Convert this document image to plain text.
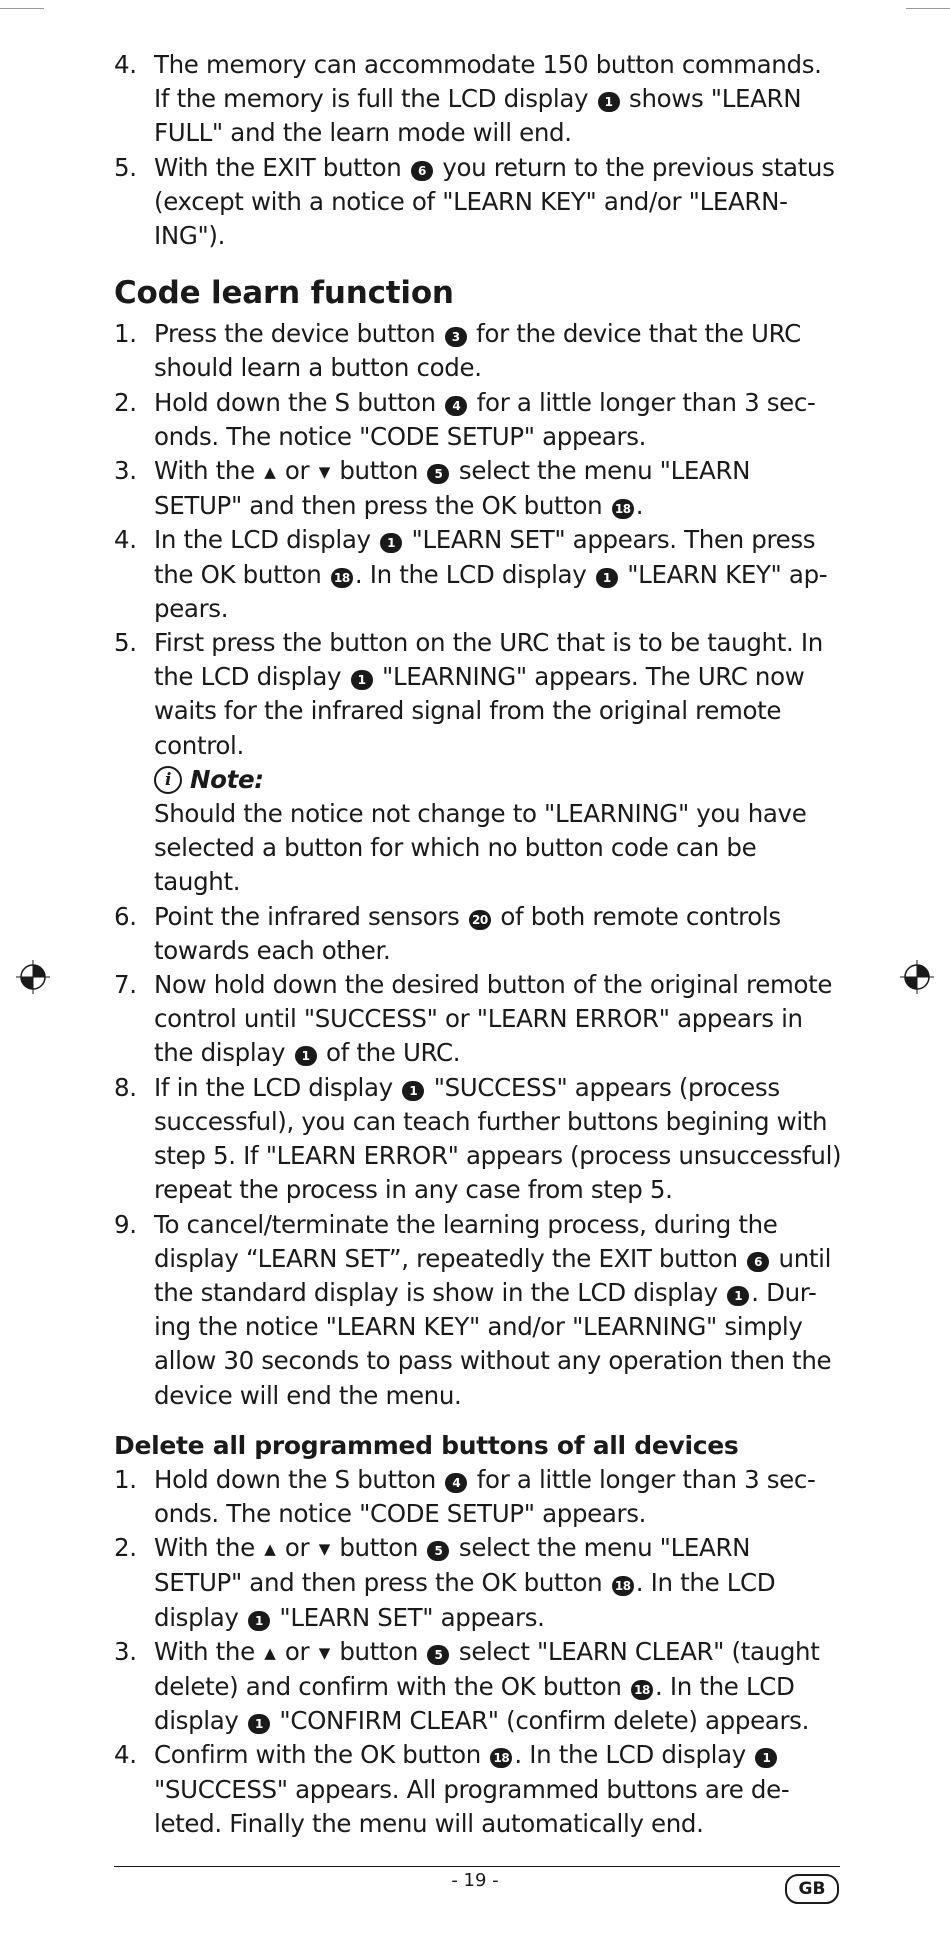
4. The memory can accommodate 150 button commands. If the memory is full the LCD display 1 shows "LEARN FULL" and the learn mode will end.
5. With the EXIT button 6 you return to the previous status (except with a notice of "LEARN KEY" and/or "LEARN-ING").
Code learn function
1. Press the device button 3 for the device that the URC should learn a button code.
2. Hold down the S button 4 for a little longer than 3 sec-onds. The notice "CODE SETUP" appears.
3. With the ▲ or ▼ button 5 select the menu "LEARN SETUP" and then press the OK button 18 .
4. In the LCD display 1 "LEARN SET" appears. Then press the OK button 18 . In the LCD display 1 "LEARN KEY" ap-pears.
5. First press the button on the URC that is to be taught. In the LCD display 1 "LEARNING" appears. The URC now waits for the infrared signal from the original remote control.
i Note:
Should the notice not change to "LEARNING" you have selected a button for which no button code can be taught.
6. Point the infrared sensors 20 of both remote controls towards each other.
7. Now hold down the desired button of the original remote control until "SUCCESS" or "LEARN ERROR" appears in the display 1 of the URC.
8. If in the LCD display 1 "SUCCESS" appears (process successful), you can teach further buttons begining with step 5. If "LEARN ERROR" appears (process unsuccessful) repeat the process in any case from step 5.
9. To cancel/terminate the learning process, during the display “LEARN SET”, repeatedly the EXIT button 6 until the standard display is show in the LCD display 1 . Dur-ing the notice "LEARN KEY" and/or "LEARNING" simply allow 30 seconds to pass without any operation then the device will end the menu.
Delete all programmed buttons of all devices
1. Hold down the S button 4 for a little longer than 3 sec-onds. The notice "CODE SETUP" appears.
2. With the ▲ or ▼ button 5 select the menu "LEARN SETUP" and then press the OK button 18 . In the LCD display 1 "LEARN SET" appears.
3. With the ▲ or ▼ button 5 select "LEARN CLEAR" (taught delete) and confirm with the OK button 18 . In the LCD display 1 "CONFIRM CLEAR" (confirm delete) appears.
4. Confirm with the OK button 18 . In the LCD display 1 "SUCCESS" appears. All programmed buttons are de-leted. Finally the menu will automatically end.
- 19 -	GB
